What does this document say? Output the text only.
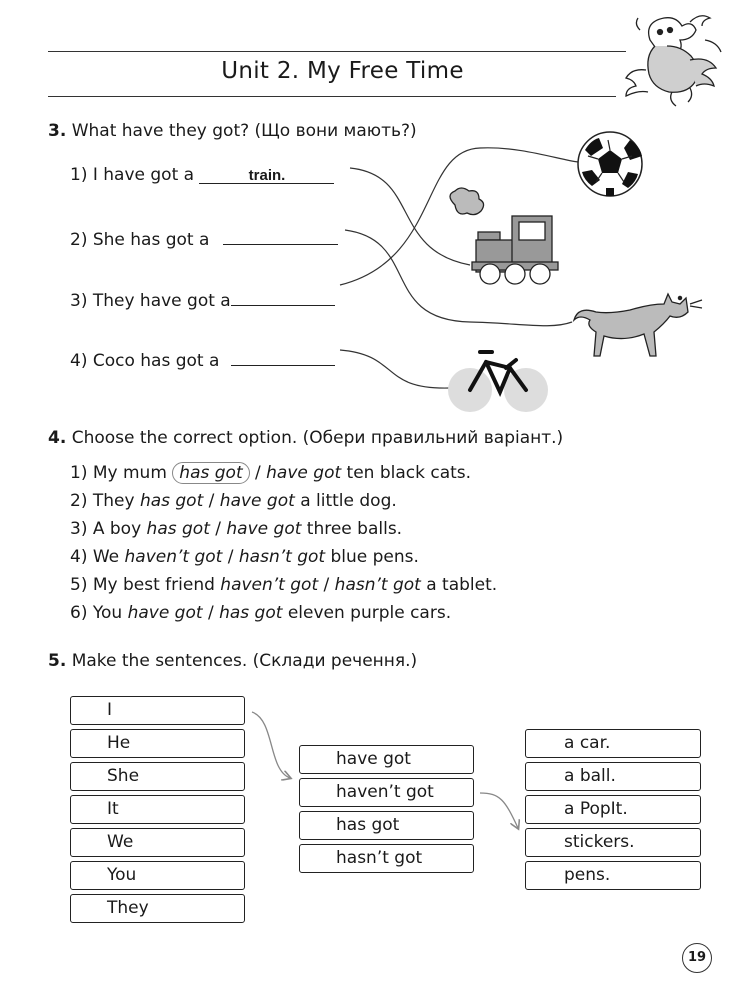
Unit 2. My Free Time
3. What have they got? (Що вони мають?)
1) I have got a	train.
2) She has got a
3) They have got a
4) Coco has got a
4. Choose the correct option. (Обери правильний варіант.)
1) My mum has got / have got ten black cats.
2) They has got / have got a little dog.
3) A boy has got / have got three balls.
4) We haven’t got / hasn’t got blue pens.
5) My best friend haven’t got / hasn’t got a tablet.
6) You have got / has got eleven purple cars.
5. Make the sentences. (Склади речення.)
I
He
She
It
We
You
They
have got
haven’t got
has got
hasn’t got
a car.
a ball.
a PopIt.
stickers.
pens.
19
